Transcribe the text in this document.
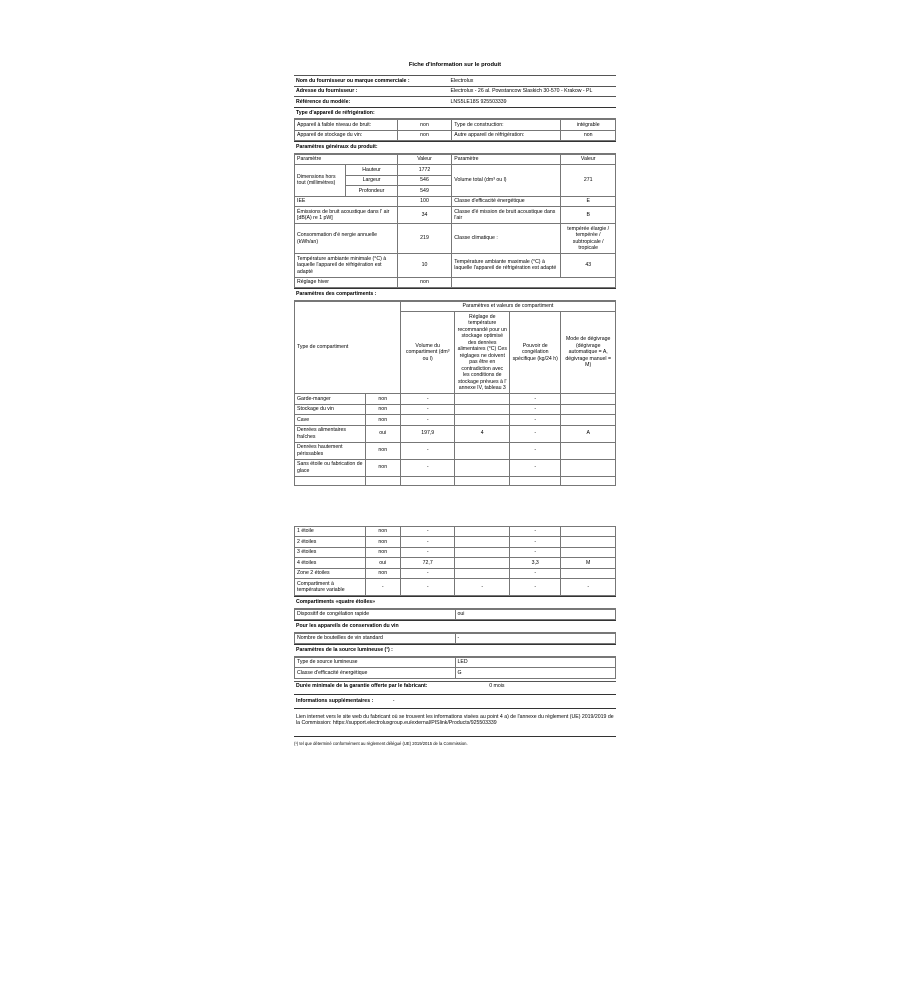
Fiche d'information sur le produit
Nom du fournisseur ou marque commerciale :	Electrolux
Adresse du fournisseur :	Electrolux - 26 al. Powstancow Slaskich 30-570 - Krakow - PL
Référence du modèle:	LNS5LE18S 925503339
Type d'appareil de réfrigération:
Appareil à faible niveau de bruit:	non	Type de construction:	intégrable
Appareil de stockage du vin:	non	Autre appareil de réfrigération:	non
Paramètres généraux du produit:
Paramètre		Valeur	Paramètre	Valeur
Dimensions hors tout (millimètres)	Hauteur	1772	Volume total (dm³ ou l)	271
	Largeur	546		
	Profondeur	549		
IEE		100	Classe d'efficacité énergétique	E
Émissions de bruit acoustique dans l' air [dB(A) re 1 pW]		34	Classe d'é mission de bruit acoustique dans l'air	B
Consommation d'é nergie annuelle (kWh/an)		219	Classe climatique :	tempérée élargie / tempérée / subtropicale / tropicale
Température ambiante minimale (°C) à laquelle l'appareil de réfrigération est adapté		10	Température ambiante maximale (°C) à laquelle l'appareil de réfrigération est adapté	43
Réglage hiver		non		
Paramètres des compartiments :
Type de compartiment		Paramètres et valeurs de compartiment			
		Volume du compartiment (dm³ ou l)	Réglage de température recommandé pour un stockage optimisé des denrées alimentaires (°C) Ces réglages ne doivent pas être en contradiction avec les conditions de stockage prévues à l' annexe IV, tableau 3	Pouvoir de congélation spécifique (kg/24 h)	Mode de dégivrage (dégivrage automatique = A, dégivrage manuel = M)
Garde-manger	non	-		-	
Stockage du vin	non	-		-	
Cave	non	-		-	
Denrées alimentaires fraîches	oui	197,9	4	-	A
Denrées hautement périssables	non	-		-	
Sans étoile ou fabrication de glace	non	-		-	

1 étoile	non	-		-	
2 étoiles	non	-		-	
3 étoiles	non	-		-	
4 étoiles	oui	72,7		3,3	M
Zone 2 étoiles	non	-		-	
Compartiment à température variable	-	-	-	-	-
Compartiments «quatre étoiles»
Dispositif de congélation rapide	oui
Pour les appareils de conservation du vin
Nombre de bouteilles de vin standard	-
Paramètres de la source lumineuse (¹) :
Type de source lumineuse	LED
Classe d'efficacité énergétique	G
Durée minimale de la garantie offerte par le fabricant:	0 mois
Informations supplémentaires :	-
Lien internet vers le site web du fabricant où se trouvent les informations visées au point 4 a) de l'annexe du règlement (UE) 2019/2019 de la Commission: https://support.electroluxgroup.eu/external/PISlink/Products/925503339
(¹) tel que déterminé conformément au règlement délégué (UE) 2019/2015 de la Commission.
